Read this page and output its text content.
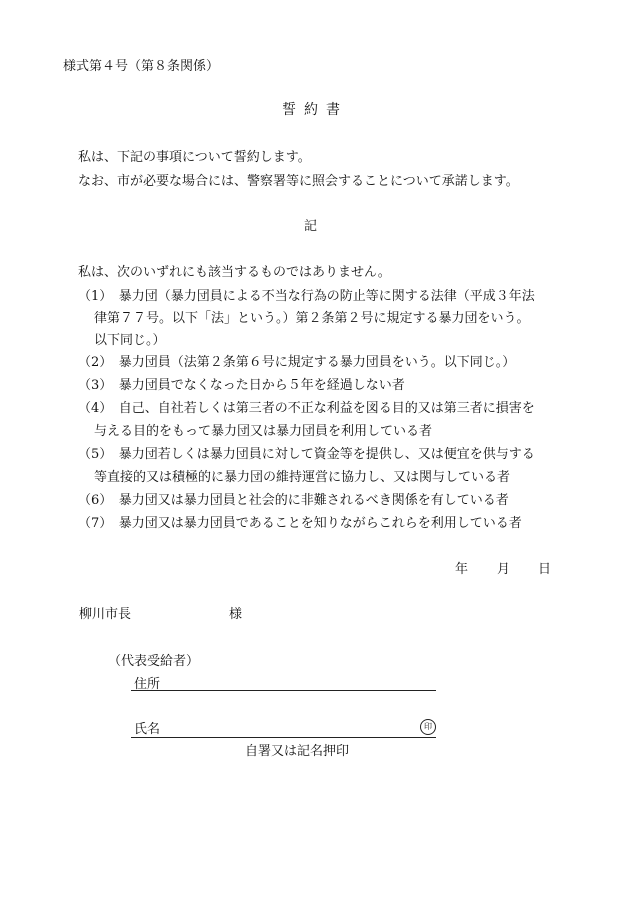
様式第４号（第８条関係）
誓約書
私は、下記の事項について誓約します。
なお、市が必要な場合には、警察署等に照会することについて承諾します。
記
私は、次のいずれにも該当するものではありません。
（1）　暴力団（暴力団員による不当な行為の防止等に関する法律（平成３年法
律第７７号。以下「法」という。）第２条第２号に規定する暴力団をいう。
以下同じ。）
（2）　暴力団員（法第２条第６号に規定する暴力団員をいう。以下同じ。）
（3）　暴力団員でなくなった日から５年を経過しない者
（4）　自己、自社若しくは第三者の不正な利益を図る目的又は第三者に損害を
与える目的をもって暴力団又は暴力団員を利用している者
（5）　暴力団若しくは暴力団員に対して資金等を提供し、又は便宜を供与する
等直接的又は積極的に暴力団の維持運営に協力し、又は関与している者
（6）　暴力団又は暴力団員と社会的に非難されるべき関係を有している者
（7）　暴力団又は暴力団員であることを知りながらこれらを利用している者
年 月 日
柳川市長	様
（代表受給者）
住所
氏名	印
自署又は記名押印
